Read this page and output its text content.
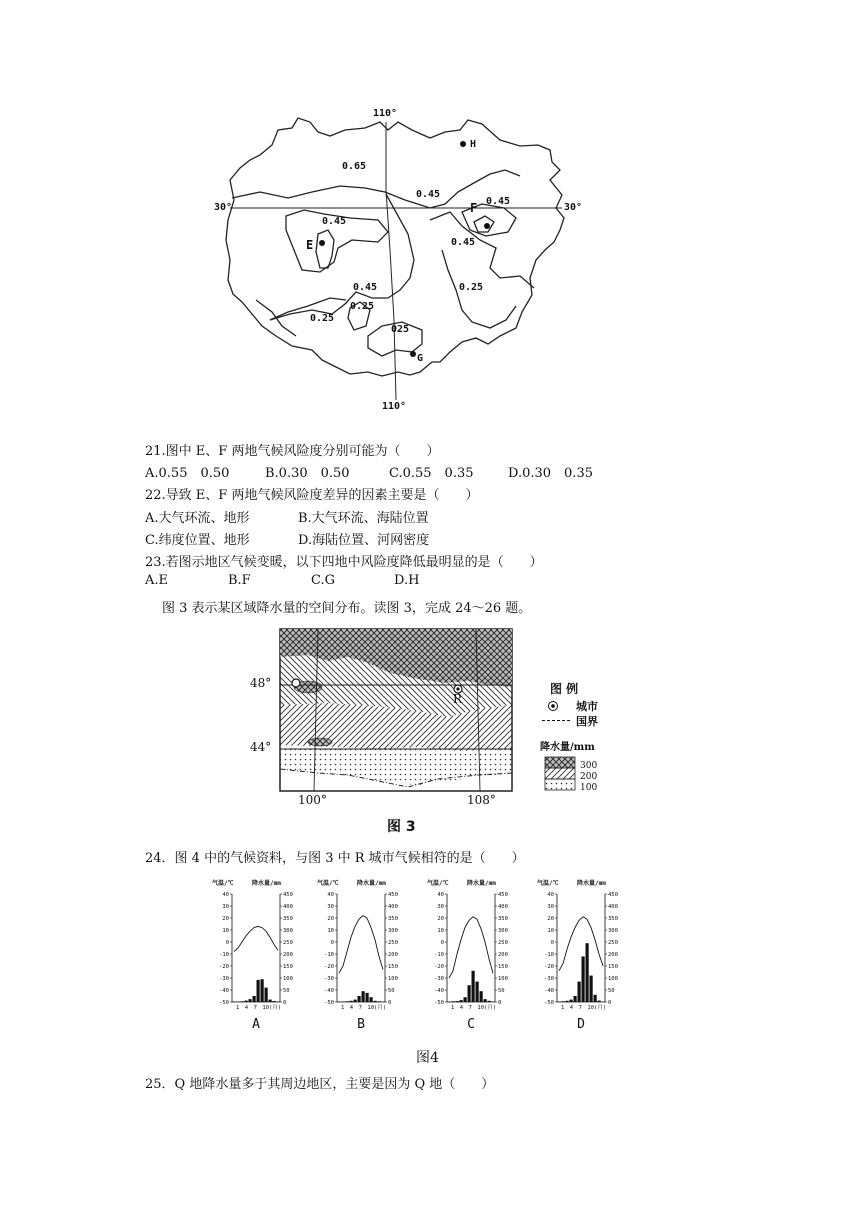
110°
110°
30°	30°
0.65
0.45
0.45
0.45
0.45
0.45	0.25
0.25
0.25
025
E
F
G
H
21.图中 E、F 两地气候风险度分别可能为（　　）
A.0.55　0.50	B.0.30　0.50	C.0.55　0.35	D.0.30　0.35
22.导致 E、F 两地气候风险度差异的因素主要是（　　）
A.大气环流、地形	B.大气环流、海陆位置
C.纬度位置、地形	D.海陆位置、河网密度
23.若图示地区气候变暖，以下四地中风险度降低最明显的是（　　）
A.E	B.F	C.G	D.H
图 3 表示某区域降水量的空间分布。读图 3，完成 24～26 题。
48°
44°
100°	108°
R
图 例
城市
国界
降水量/mm
300
200
100
图 3
24．图 4 中的气候资料，与图 3 中 R 城市气候相符的是（　　）
气温/℃	降水量/mm
40
30
20
10
0
-10
-20
-30
-40
-50
450
400
350
300
250
200
150
100
50
0
1　4　7　10(月)
A
气温/℃	降水量/mm
40
30
20
10
0
-10
-20
-30
-40
-50
450
400
350
300
250
200
150
100
50
0
1　4　7　10(月)
B
气温/℃	降水量/mm
40
30
20
10
0
-10
-20
-30
-40
-50
450
400
350
300
250
200
150
100
50
0
1　4　7　10(月)
C
气温/℃	降水量/mm
40
30
20
10
0
-10
-20
-30
-40
-50
450
400
350
300
250
200
150
100
50
0
1　4　7　10(月)
D
图4
25．Q 地降水量多于其周边地区，主要是因为 Q 地（　　）
